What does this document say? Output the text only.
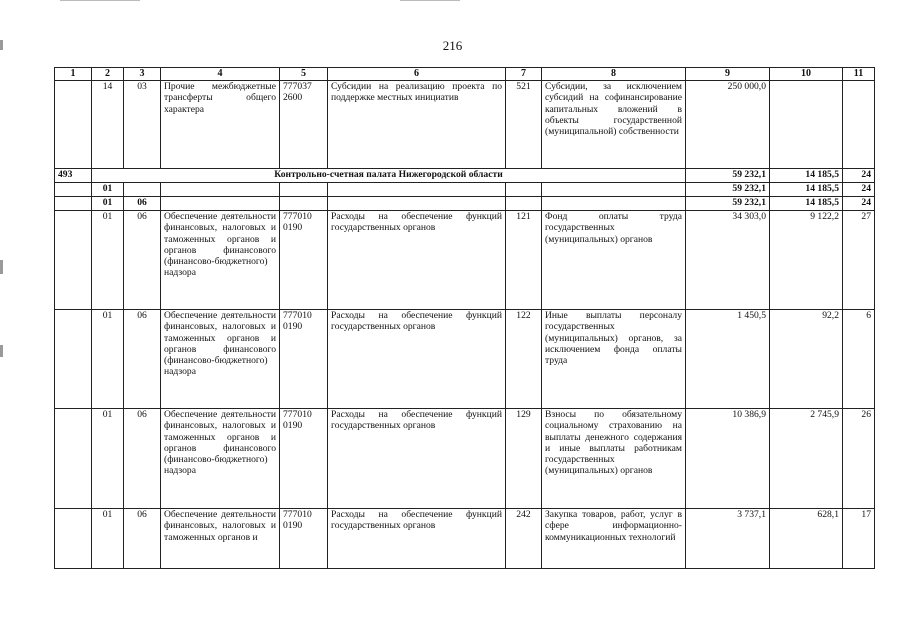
216
1	2	3	4	5	6	7	8	9	10	11
	14	03	Прочие межбюджетные трансферты общего характера	777037 2600	Субсидии на реализацию проекта по поддержке местных инициатив	521	Субсидии, за исключением субсидий на софинансирование капитальных вложений в объекты государственной (муниципальной) собственности	250 000,0		
493	Контрольно-счетная палата Нижегородской области							59 232,1	14 185,5	24
	01							59 232,1	14 185,5	24
	01	06						59 232,1	14 185,5	24
	01	06	Обеспечение деятельности финансовых, налоговых и таможенных органов и органов финансового (финансово-бюджетного) надзора	777010 0190	Расходы на обеспечение функций государственных органов	121	Фонд оплаты труда государственных (муниципальных) органов	34 303,0	9 122,2	27
	01	06	Обеспечение деятельности финансовых, налоговых и таможенных органов и органов финансового (финансово-бюджетного) надзора	777010 0190	Расходы на обеспечение функций государственных органов	122	Иные выплаты персоналу государственных (муниципальных) органов, за исключением фонда оплаты труда	1 450,5	92,2	6
	01	06	Обеспечение деятельности финансовых, налоговых и таможенных органов и органов финансового (финансово-бюджетного) надзора	777010 0190	Расходы на обеспечение функций государственных органов	129	Взносы по обязательному социальному страхованию на выплаты денежного содержания и иные выплаты работникам государственных (муниципальных) органов	10 386,9	2 745,9	26
	01	06	Обеспечение деятельности финансовых, налоговых и таможенных органов и	777010 0190	Расходы на обеспечение функций государственных органов	242	Закупка товаров, работ, услуг в сфере информационно-коммуникационных технологий	3 737,1	628,1	17
